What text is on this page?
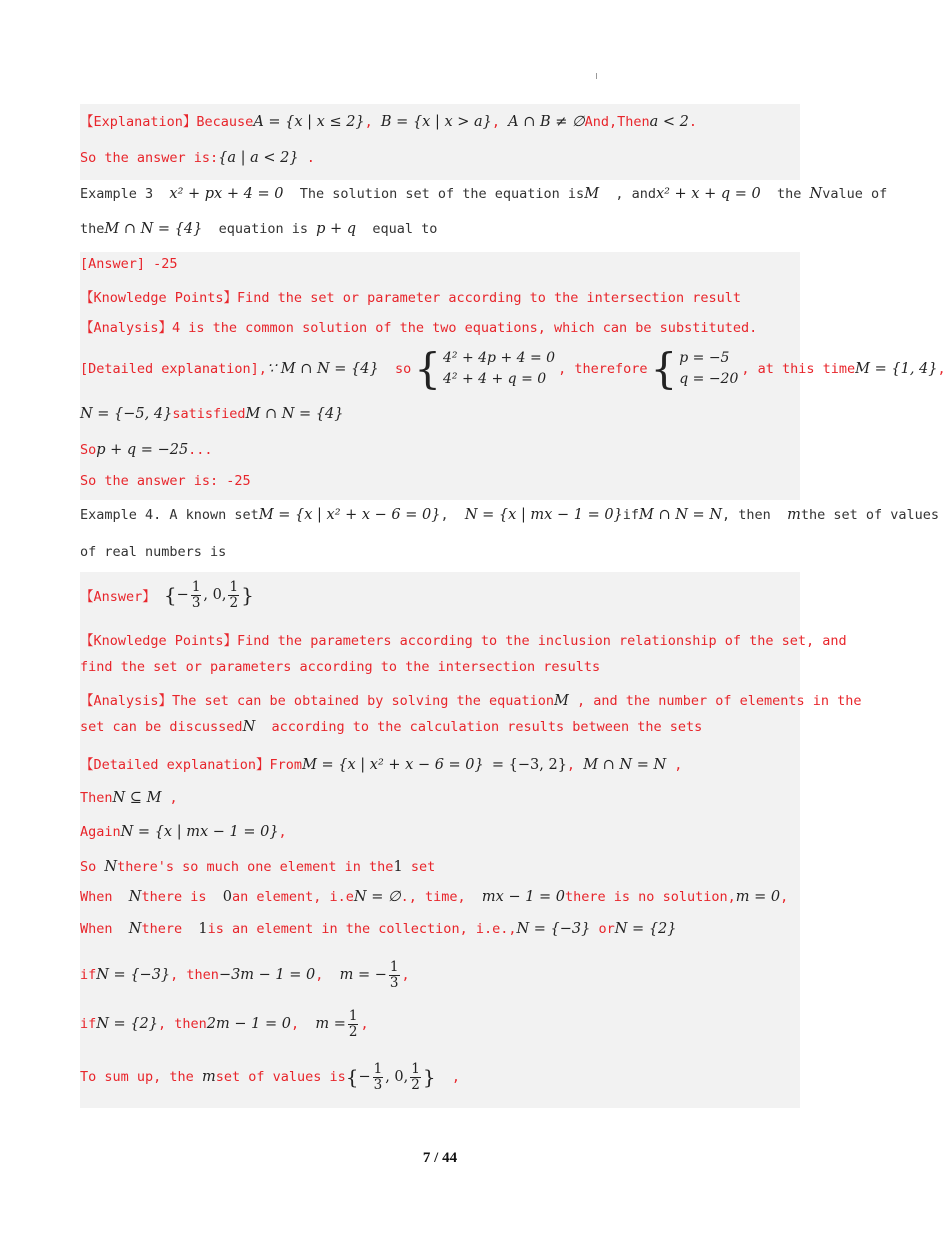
【Explanation】BecauseA = {x | x ≤ 2}, B = {x | x > a}, A ∩ B ≠ ∅And,Thena < 2.
So the answer is:{a | a < 2} .
Example 3 x² + px + 4 = 0 The solution set of the equation isM , andx² + x + q = 0 the Nvalue of
theM ∩ N = {4} equation is p + q equal to
[Answer] -25
【Knowledge Points】Find the set or parameter according to the intersection result
【Analysis】4 is the common solution of the two equations, which can be substituted.
[Detailed explanation], ∵ M ∩ N = {4}
so { 4² + 4p + 4 = 0
4² + 4 + q = 0
, therefore { p = −5
q = −20
, at this time M = {1, 4} ,
N = {−5, 4}satisfiedM ∩ N = {4}
Sop + q = −25...
So the answer is: -25
Example 4. A known setM = {x | x² + x − 6 = 0},  N = {x | mx − 1 = 0}ifM ∩ N = N, then mthe set of values
of real numbers is
【Answer】
{ − $\frac{1}{3}$ , 0, $\frac{1}{2}$ }
【Knowledge Points】Find the parameters according to the inclusion relationship of the set, and
find the set or parameters according to the intersection results
【Analysis】The set can be obtained by solving the equationM , and the number of elements in the
set can be discussedN according to the calculation results between the sets
【Detailed explanation】FromM = {x | x² + x − 6 = 0} = {−3, 2}, M ∩ N = N ,
ThenN ⊆ M ,
AgainN = {x | mx − 1 = 0},
So Nthere's so much one element in the1 set
When Nthere is 0an element, i.eN = ∅., time, mx − 1 = 0there is no solution,m = 0,
When Nthere 1is an element in the collection, i.e.,N = {−3} orN = {2}
if N = {−3} , then −3m − 1 = 0 , m = − $\frac{1}{3}$ ,
if N = {2} , then 2m − 1 = 0 , $m = \frac{1}{2}$ ,
To sum up, the
m set of values is { − $\frac{1}{3}$ , 0, $\frac{1}{2}$ }
,
7 / 44
